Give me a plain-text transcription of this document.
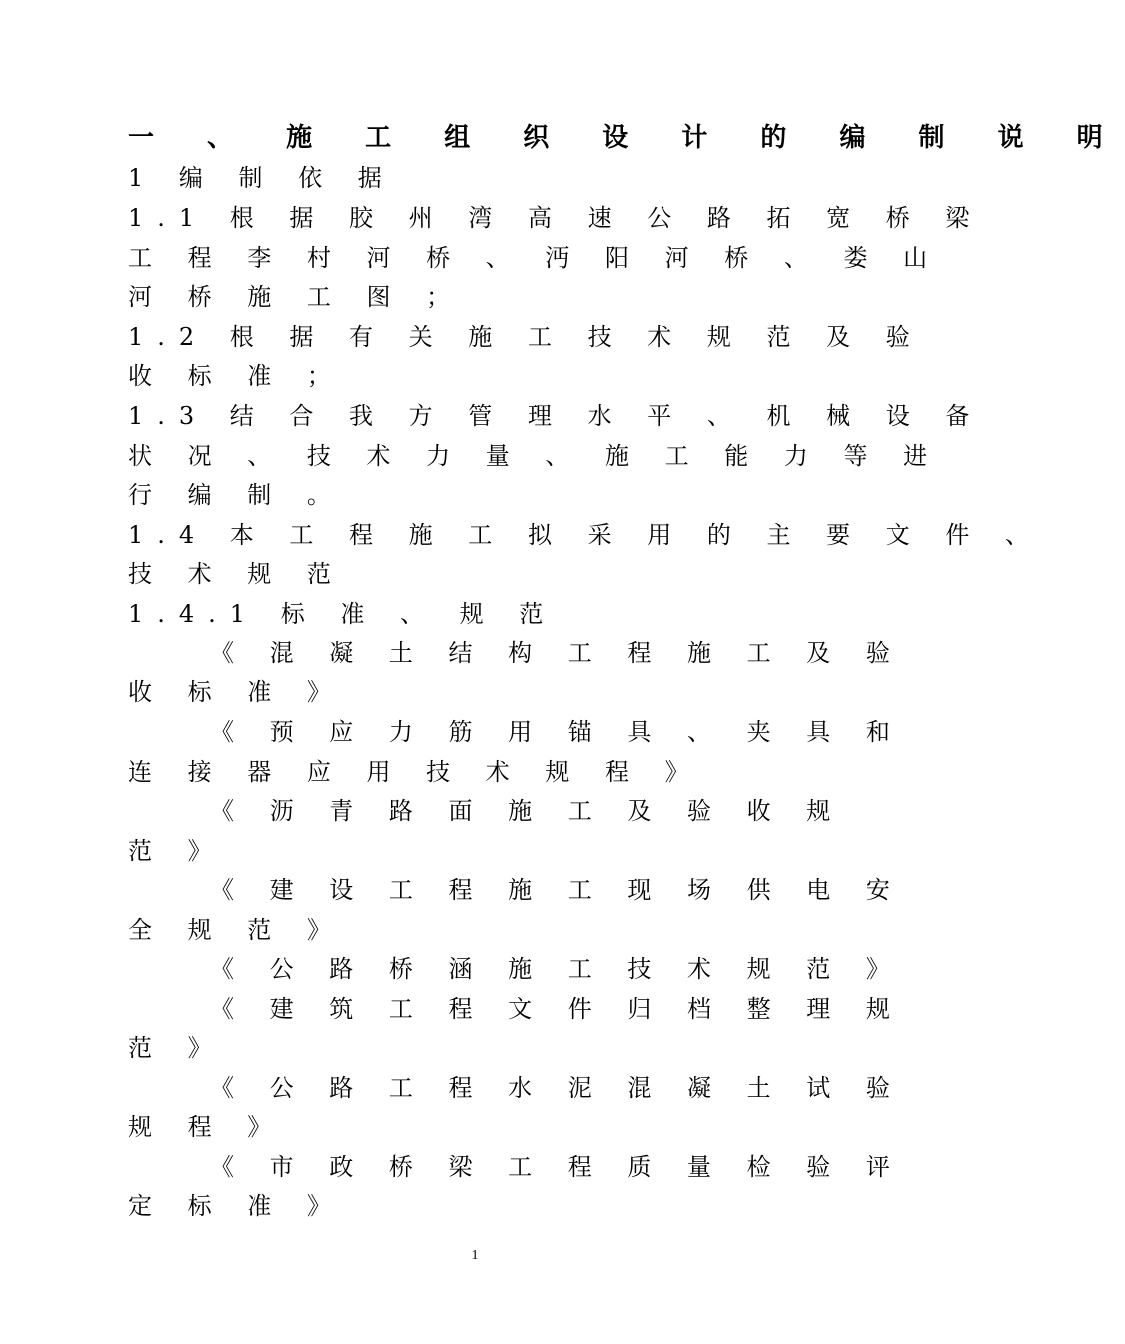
一 、 施 工 组 织 设 计 的 编 制 说 明
1 编 制 依 据
1.1 根 据 胶 州 湾 高 速 公 路 拓 宽 桥 梁
工 程 李 村 河 桥 、 沔 阳 河 桥 、 娄 山
河 桥 施 工 图 ；
1.2 根 据 有 关 施 工 技 术 规 范 及 验
收 标 准 ；
1.3 结 合 我 方 管 理 水 平 、 机 械 设 备
状 况 、 技 术 力 量 、 施 工 能 力 等 进
行 编 制 。
1.4 本 工 程 施 工 拟 采 用 的 主 要 文 件 、
技 术 规 范
1.4.1 标 准 、 规 范
《 混 凝 土 结 构 工 程 施 工 及 验
收 标 准 》
《 预 应 力 筋 用 锚 具 、 夹 具 和
连 接 器 应 用 技 术 规 程 》
《 沥 青 路 面 施 工 及 验 收 规
范 》
《 建 设 工 程 施 工 现 场 供 电 安
全 规 范 》
《 公 路 桥 涵 施 工 技 术 规 范 》
《 建 筑 工 程 文 件 归 档 整 理 规
范 》
《 公 路 工 程 水 泥 混 凝 土 试 验
规 程 》
《 市 政 桥 梁 工 程 质 量 检 验 评
定 标 准 》
1
